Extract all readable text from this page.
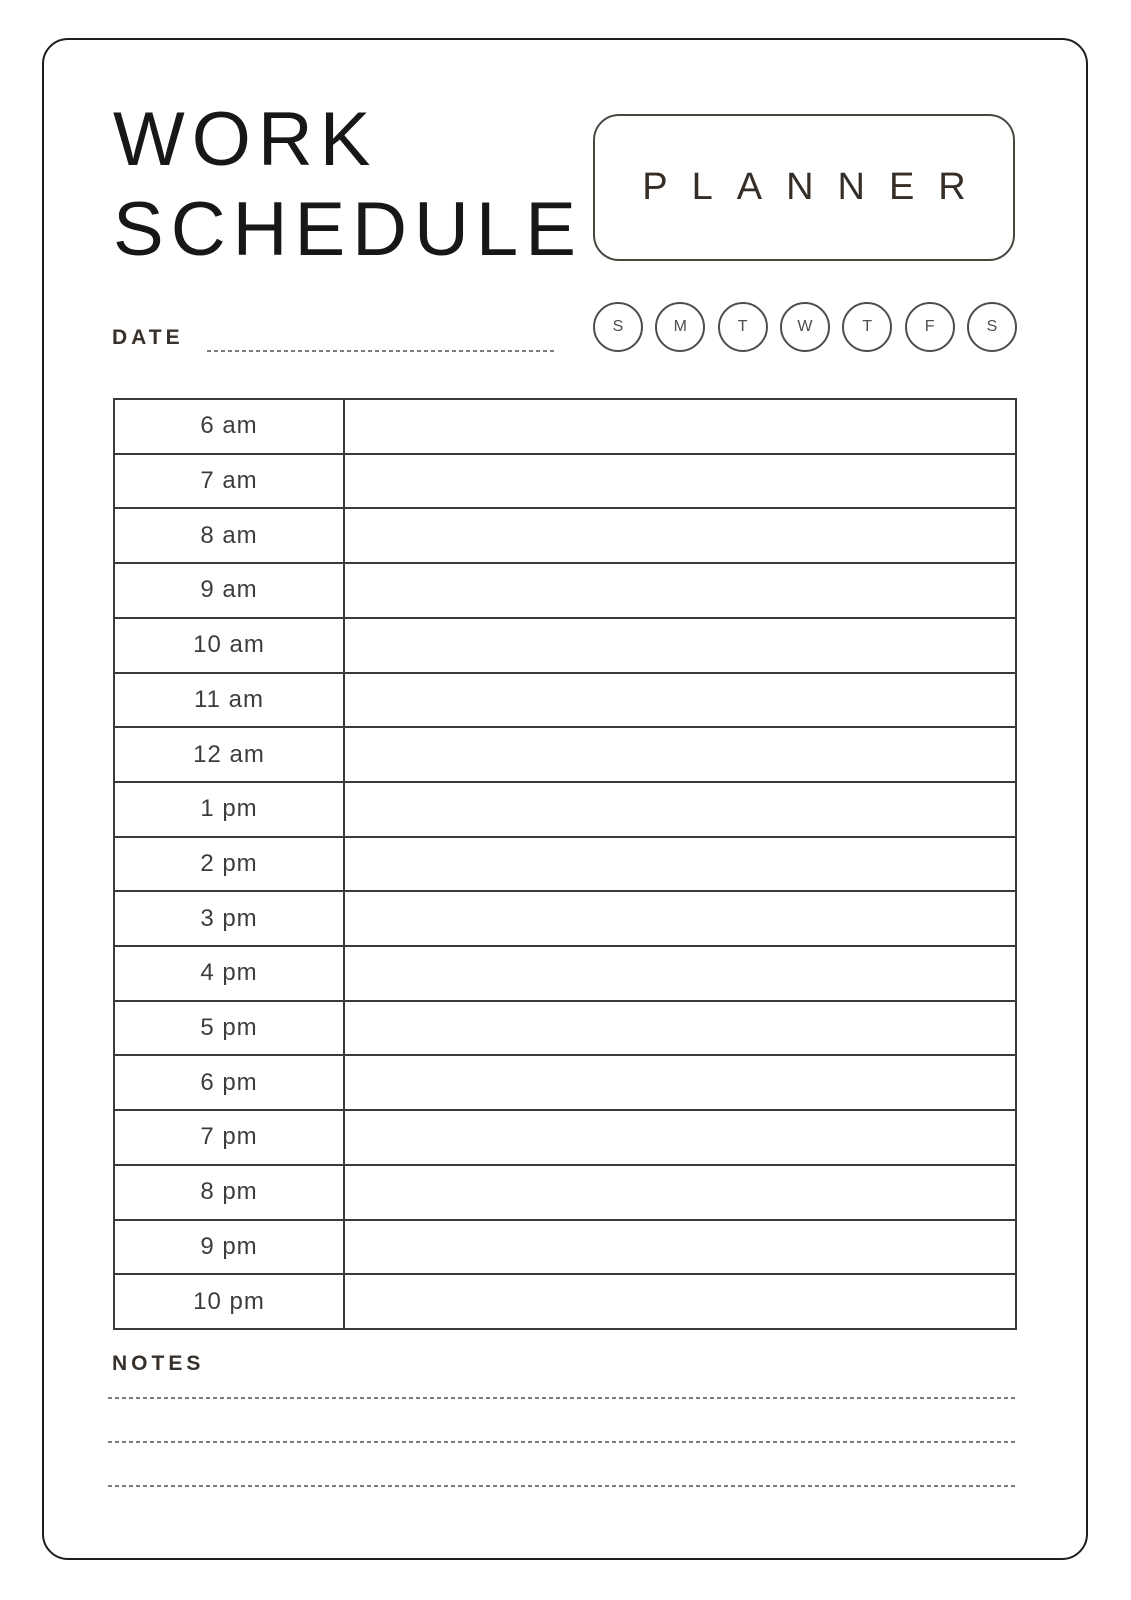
WORK
SCHEDULE	PLANNER
S	M	T	W	T	F	S
DATE
6 am
7 am
8 am
9 am
10 am
11 am
12 am
1 pm
2 pm
3 pm
4 pm
5 pm
6 pm
7 pm
8 pm
9 pm
10 pm
NOTES
